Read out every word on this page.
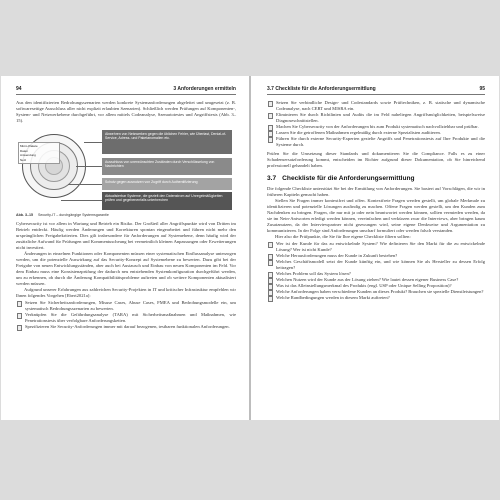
94	3 Anforderungen ermitteln

Aus den identifizierten Bedrohungsszenarien werden konkrete Systemanforderungen abgeleitet und umgesetzt (z. B. softwareseitige Ausschluss aller nicht explizit erlaubten Szenarien). Schließlich werden Prüfungen auf Komponenten-, System- und Netzwerkebene durchgeführt, vor allem mittels Codeanalyse, Szenariotestes und Angriffstests (Abb. 3–15).

Micro-Pakete
Daten
Anwendung
Netz
Abwehren von Netzwerken gegen die üblichen Fehler, wie Überlast, Denial-of-Service, Adress- und Paketanomalien etc.
Ausschluss von unerwünschten Zuständen durch Verschlüsselung von Nachrichten
Schutz gegen ausnutzen von Zugriff durch Authentifizierung
Aktualisierbar Systeme, die gezielt den Datenstrom auf Unregelmäßigkeiten prüfen und gegebenenfalls unterbrechen
Abb. 3–15 Security-IT – durchgängige Systemsgarantie

Cybersecurity ist vor allem in Wartung und Betrieb ein Risiko. Der Großteil aller Angriffspunkte wird von Dritten im Betrieb entdeckt. Häufig werden Änderungen und Korrekturen spontan eingearbeitet und führen nicht mehr den ursprünglichen Freigabekriterien. Dies gilt insbesondere für Anforderungen auf Systemebene, denn häufig wird der zusätzliche Aufwand für Prüfungen und Kommentuscheung bei vermeintlich kleinen Anpassungen oder Erweiterungen nicht investiert.

Änderungen in einzelnen Funktionen oder Komponenten müssen einer systematischen Einflussanalyse unterzogen werden, um die potenzielle Auswirkung auf das Security-Konzept auf Systemebene zu bewerten. Dazu gibt bei der Freigabe von neuen Entwicklungsständen, aber auch bei Austausch und Einbau von neuen Komponenten im Feld. Vor dem Einbau muss eine Konsistenzprüfung der dadurch neu entstehenden Systemkonfiguration durchgeführt werden, um zu erkennen, ob durch die Änderung Kompatibilitätsprobleme auftreten und ob weitere Komponenten aktualisiert werden müssen.

Aufgrund unserer Erfahrungen aus zahlreichen Security-Projekten in IT und kritischer Infrastruktur empfehlen wir Ihnen folgendes Vorgehen [Ebert2021a]:

Setzen Sie Sicherheitsanforderungen, Misuse Cases, Abuse Cases, FMEA und Bedrohungsmodelle ein, um systematisch Bedrohungsszenarien zu bewerten.
Verknüpfen Sie die Gefährdungsanalyse (TARA) mit Sicherheitsmaßnahmen und Maßnahmen, wie Penetrationstests über verfolgbare Anforderungsketten.
Spezifizieren Sie Security-Anforderungen immer mit darauf bezogenen, testbaren funktionalen Anforderungen.
3.7 Checkliste für die Anforderungsermittlung	95
Setzen Sie verbindliche Design- und Codestandards sowie Prüftechniken, z. B. statische und dynamische Codeanalyse, nach CERT und MISRA ein.
Eliminieren Sie durch Richtlinien und Audits die im Feld naheliegen Angriffsmöglichkeiten, beispielsweise Diagnoseschnittstellen.
Machen Sie Cybersecurity von der Anforderungen bis zum Produkt systematisch nachvollziehbar und prüfbar.
Lassen Sie die getroffenen Maßnahmen regelmäßig durch externe Spezialisten auditieren.
Führen Sie durch externe Security-Experten gezielte Angriffs und Penetrationstests auf Ihre Produkte und die Systeme durch.

Prüfen Sie die Umsetzung dieser Standards und dokumentieren Sie die Compliance. Falls es zu einer Schadensersatzforderung kommt, entscheiden im Richter aufgrund dieser Dokumentation, ob Sie hinreichend professionell gehandelt haben.

3.7 Checkliste für die Anforderungsermittlung

Die folgende Checkliste unterstützt Sie bei der Ermittlung von Anforderungen. Sie basiert auf Vorschlägen, die wir in früheren Kapiteln gemacht haben.

Stellen Sie Fragen immer kontextfrei und offen. Kontextfreie Fragen werden gestellt, um globale Merkmale zu identifizieren und potenzielle Lösungen ausfindig zu machen. Offene Fragen werden gestellt, um den Kunden zum Nachdenken zu bringen. Fragen, die nur mit ja oder nein beantwortet werden können, sollten vermieden werden, da sie im Nein-Antworten erledigt werden können, vereinfachen und verkürzen zwar die Interviews, aber bringen kaum Zusatznutzen, da der Interviewpartner nicht gezwungen wird, seine eigene Denkweise und Argumentation zu kommunizieren. In der Folge sind Anforderungen unscharf formuliert oder werden falsch verstanden.

Hier also die Prüfpunkte, die Sie für Ihre eigene Checkliste filtern sollten:

Wer ist der Kunde für das zu entwickelnde System? Wie definieren Sie den Markt für die zu entwickelnde Lösung? Wer ist nicht Kunde?
Welche Herausforderungen muss der Kunde in Zukunft bestehen?
Welches Geschäftsmodell setzt der Kunde künftig ein, und wie können Sie als Hersteller zu dessen Erfolg beitragen?
Welches Problem soll das System lösen?
Welchen Nutzen wird der Kunde aus der Lösung ziehen? Wie lautet dessen eigener Business Case?
Was ist das Alleinstellungsmerkmal des Produkts (engl. USP oder Unique Selling Proposition)?
Welche Anforderungen haben verschiedene Kunden an dieses Produkt? Brauchen sie spezielle Dienstleistungen?
Welche Randbedingungen werden in diesem Markt auftreten?
